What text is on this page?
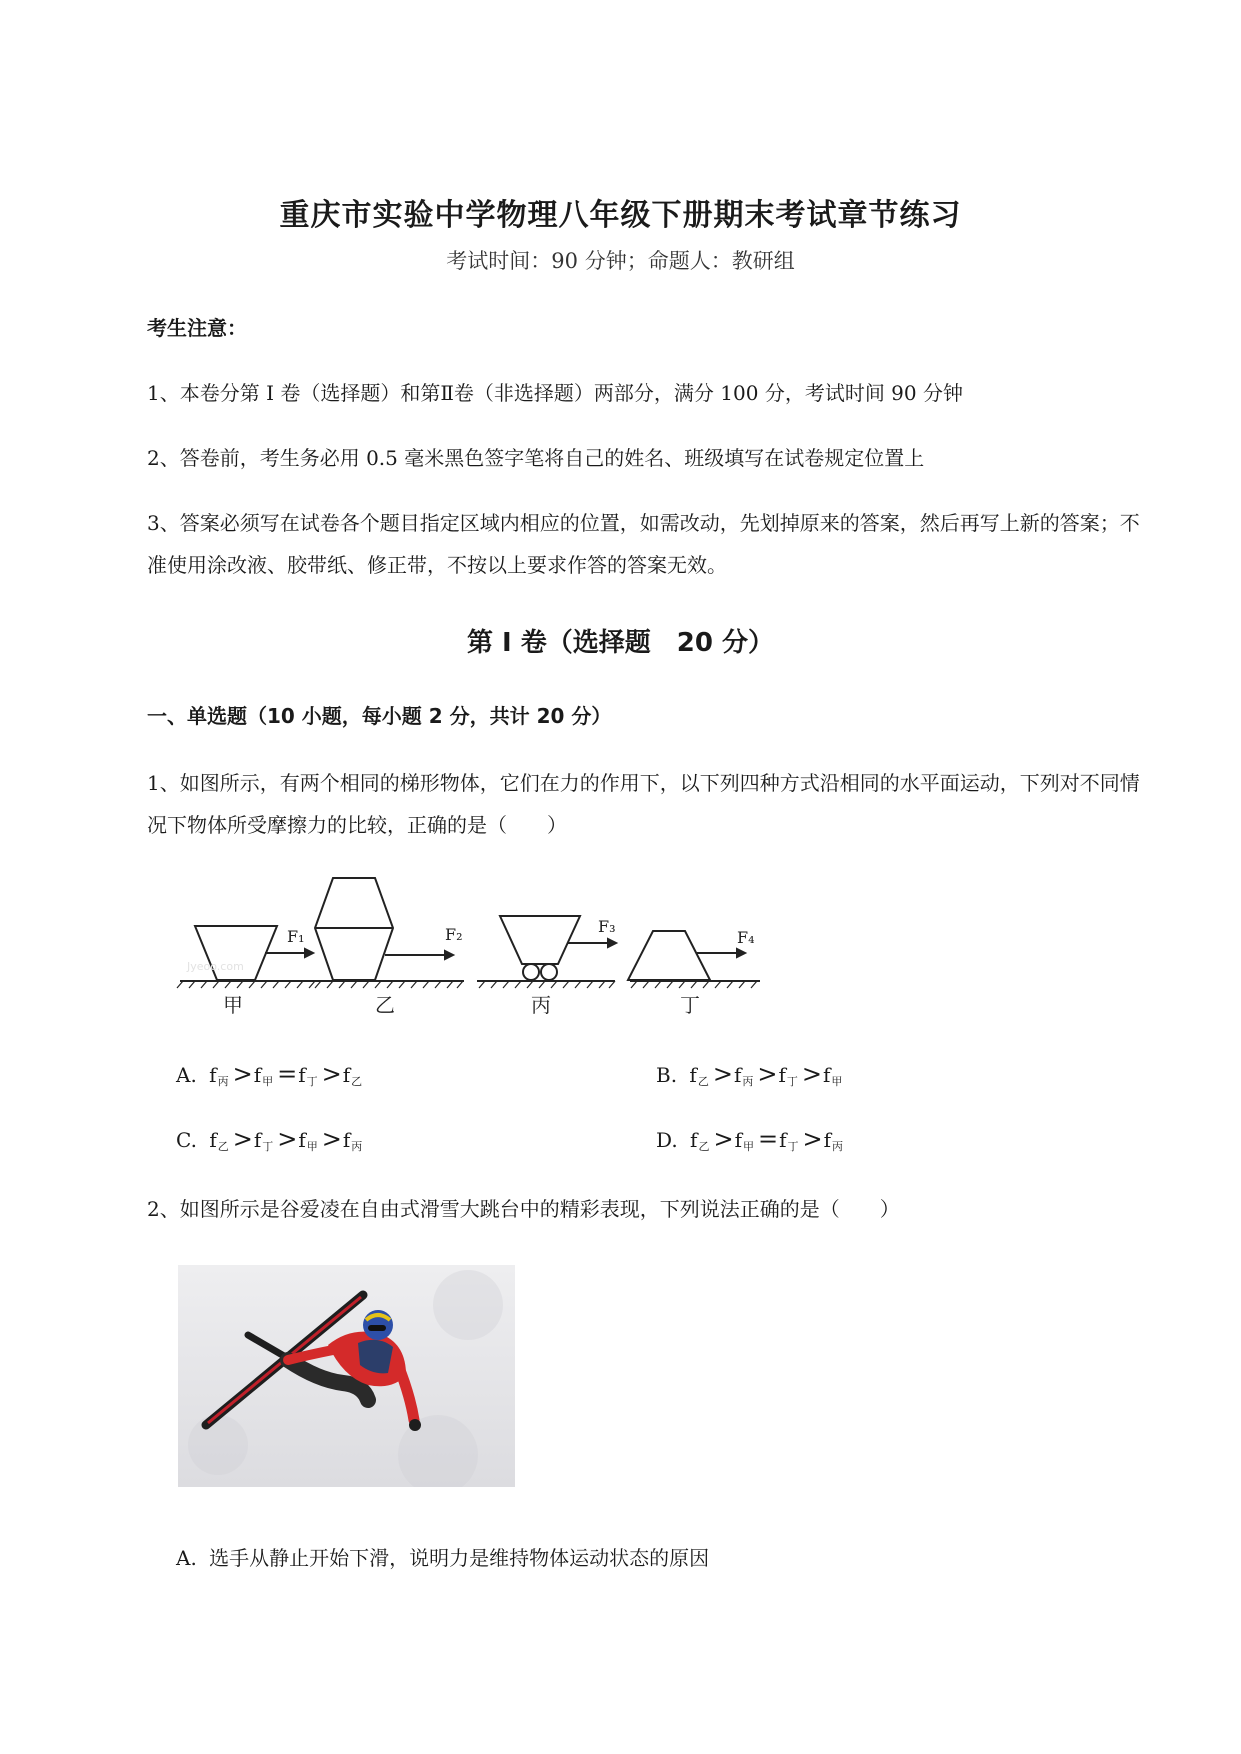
重庆市实验中学物理八年级下册期末考试章节练习
考试时间：90 分钟；命题人：教研组
考生注意：
1、本卷分第 I 卷（选择题）和第Ⅱ卷（非选择题）两部分，满分 100 分，考试时间 90 分钟
2、答卷前，考生务必用 0.5 毫米黑色签字笔将自己的姓名、班级填写在试卷规定位置上
3、答案必须写在试卷各个题目指定区域内相应的位置，如需改动，先划掉原来的答案，然后再写上新的答案；不准使用涂改液、胶带纸、修正带，不按以上要求作答的答案无效。
第 I 卷（选择题　20 分）
一、单选题（10 小题，每小题 2 分，共计 20 分）
1、如图所示，有两个相同的梯形物体，它们在力的作用下，以下列四种方式沿相同的水平面运动，下列对不同情况下物体所受摩擦力的比较，正确的是（　　）
F₁	F₂	F₃
F₄
Jyeoo.com
甲	乙	丙	丁
A. $f_丙 >f_甲 =f_丁 >f_乙$	B. $f_乙 >f_丙 >f_丁 >f_甲$
C. $f_乙 >f_丁 >f_甲 >f_丙$	D. $f_乙 >f_甲 =f_丁 >f_丙$
2、如图所示是谷爱凌在自由式滑雪大跳台中的精彩表现，下列说法正确的是（　　）
A. 选手从静止开始下滑，说明力是维持物体运动状态的原因
